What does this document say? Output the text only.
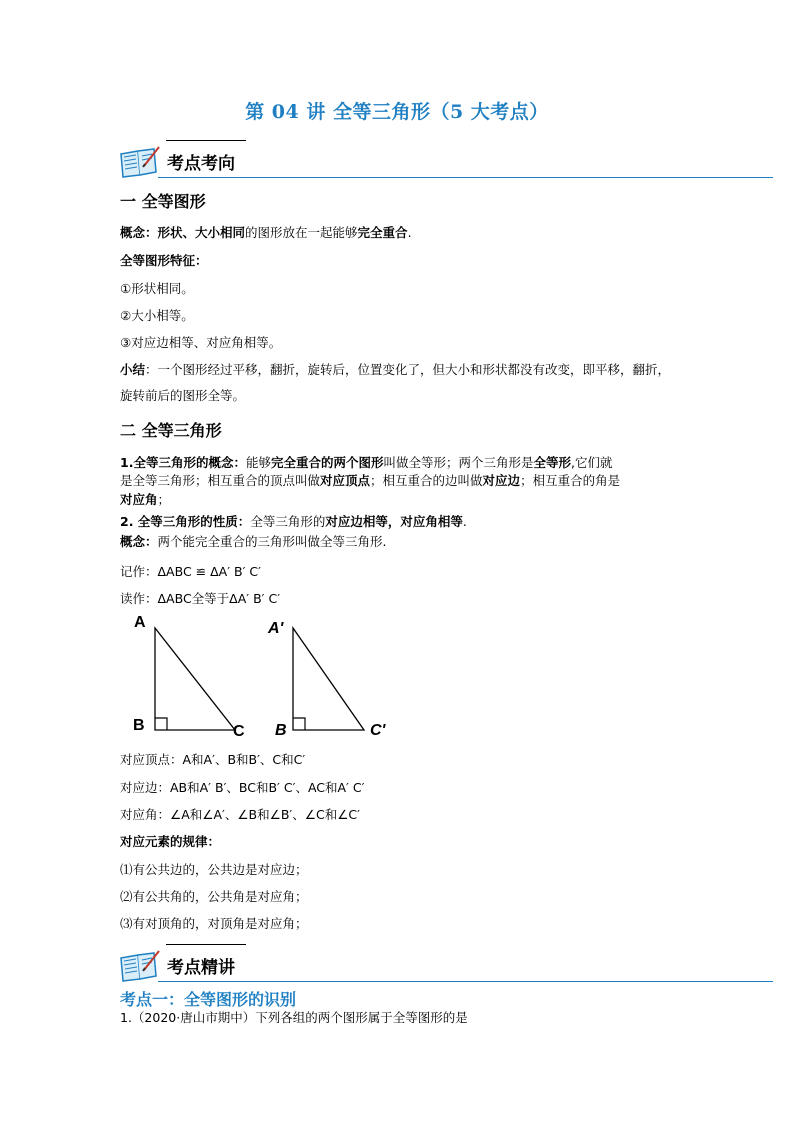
第 04 讲 全等三角形（5 大考点）
考点考向
一 全等图形
概念：形状、大小相同的图形放在一起能够完全重合.
全等图形特征：
①形状相同。
②大小相等。
③对应边相等、对应角相等。
小结：一个图形经过平移，翻折，旋转后，位置变化了，但大小和形状都没有改变，即平移，翻折，
旋转前后的图形全等。
二 全等三角形
1.全等三角形的概念：能够完全重合的两个图形叫做全等形；两个三角形是全等形,它们就
是全等三角形；相互重合的顶点叫做对应顶点；相互重合的边叫做对应边；相互重合的角是
对应角；
2. 全等三角形的性质：全等三角形的对应边相等，对应角相等.
概念：两个能完全重合的三角形叫做全等三角形.
记作：ΔABC ≌ ΔA′ B′ C′
读作：ΔABC全等于ΔA′ B′ C′
A
B	C
A'
B	C'
对应顶点：A和A′、B和B′、C和C′
对应边：AB和A′ B′、BC和B′ C′、AC和A′ C′
对应角：∠A和∠A′、∠B和∠B′、∠C和∠C′
对应元素的规律：
⑴有公共边的，公共边是对应边；
⑵有公共角的，公共角是对应角；
⑶有对顶角的，对顶角是对应角；
考点精讲
考点一：全等图形的识别
1.（2020·唐山市期中）下列各组的两个图形属于全等图形的是
